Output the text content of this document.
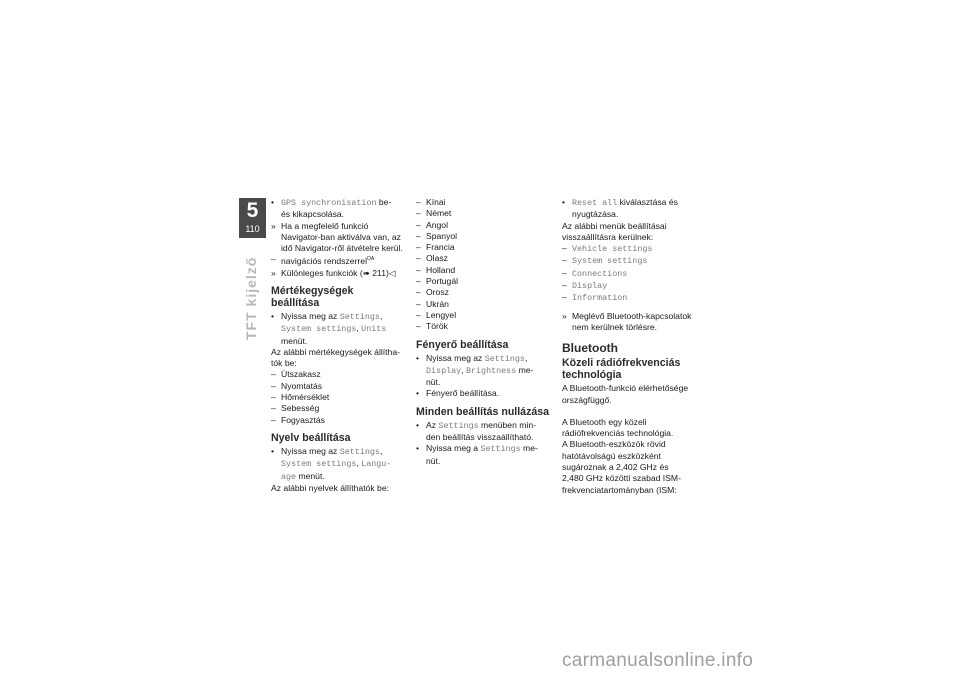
5
110
TFT kijelző

• GPS synchronisation be-
és kikapcsolása.

» Ha a megfelelő funkció
Navigator-ban aktiválva van, az
idő Navigator-ről átvételre kerül.

– navigációs rendszerrel$^{OA}$

» Különleges funkciók (➠ 211)◁

Mértékegységek
beállítása

• Nyissa meg az Settings,
System settings, Units
menüt.

Az alábbi mértékegységek állítha-
tók be:

– Útszakasz

– Nyomtatás

– Hőmérséklet

– Sebesség

– Fogyasztás

Nyelv beállítása

• Nyissa meg az Settings,
System settings, Langu-
age menüt.

Az alábbi nyelvek állíthatók be:

– Kínai

– Német

– Angol

– Spanyol

– Francia

– Olasz

– Holland

– Portugál

– Orosz

– Ukrán

– Lengyel

– Török

Fényerő beállítása

• Nyissa meg az Settings,
Display, Brightness me-
nüt.

• Fényerő beállítása.

Minden beállítás nullázása

• Az Settings menüben min-
den beállítás visszaállítható.

• Nyissa meg a Settings me-
nüt.

• Reset all kiválasztása és
nyugtázása.

Az alábbi menük beállításai
visszaállításra kerülnek:

– Vehicle settings

– System settings

– Connections

– Display

– Information

» Meglévő Bluetooth-kapcsolatok
nem kerülnek törlésre.

Bluetooth
Közeli rádiófrekvenciás
technológia

A Bluetooth-funkció elérhetősége
országfüggő.

A Bluetooth egy közeli
rádiófrekvenciás technológia.
A Bluetooth-eszközök rövid
hatótávolságú eszközként
sugároznak a 2,402 GHz és
2,480 GHz közötti szabad ISM-
frekvenciatartományban (ISM:

carmanualsonline.info
